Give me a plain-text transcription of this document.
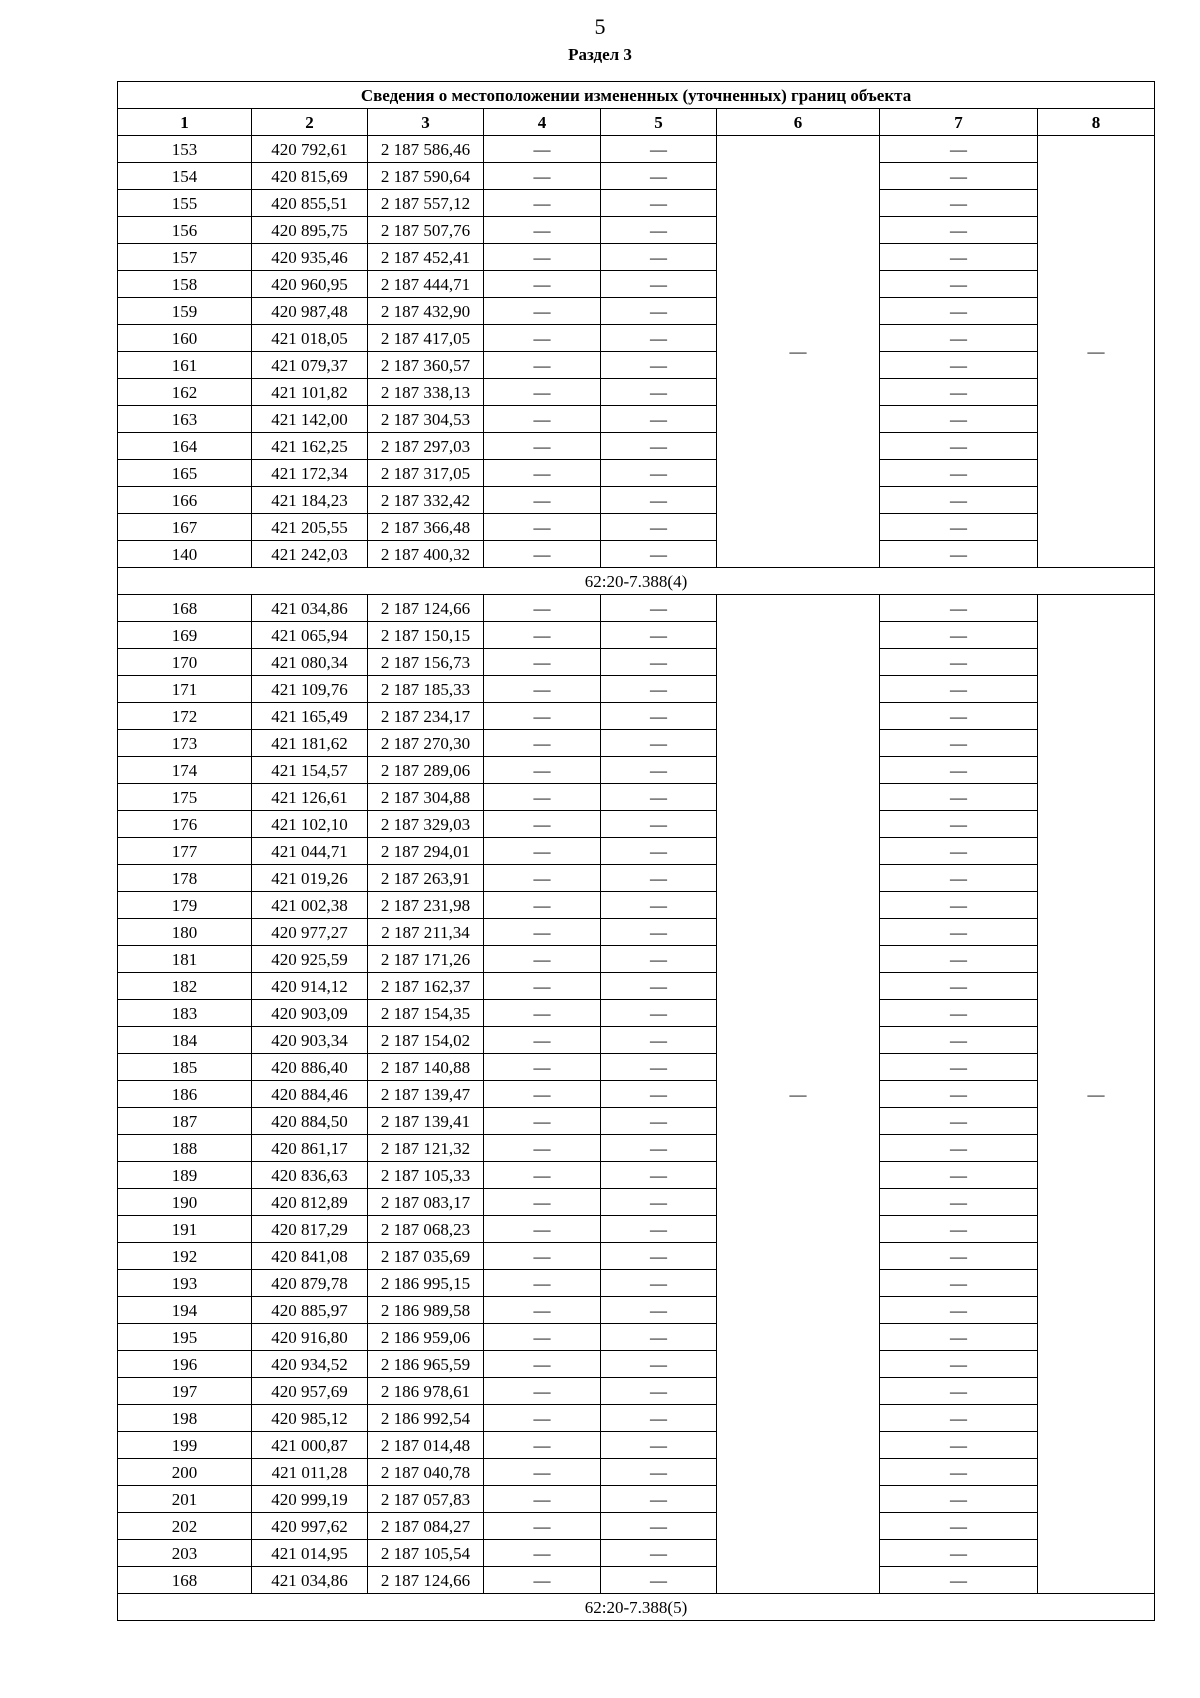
5
Раздел 3
Сведения о местоположении измененных (уточненных) границ объекта							
1	2	3	4	5	6	7	8
153	420 792,61	2 187 586,46	—	—	—	—	—
154	420 815,69	2 187 590,64	—	—		—	
155	420 855,51	2 187 557,12	—	—		—	
156	420 895,75	2 187 507,76	—	—		—	
157	420 935,46	2 187 452,41	—	—		—	
158	420 960,95	2 187 444,71	—	—		—	
159	420 987,48	2 187 432,90	—	—		—	
160	421 018,05	2 187 417,05	—	—		—	
161	421 079,37	2 187 360,57	—	—		—	
162	421 101,82	2 187 338,13	—	—		—	
163	421 142,00	2 187 304,53	—	—		—	
164	421 162,25	2 187 297,03	—	—		—	
165	421 172,34	2 187 317,05	—	—		—	
166	421 184,23	2 187 332,42	—	—		—	
167	421 205,55	2 187 366,48	—	—		—	
140	421 242,03	2 187 400,32	—	—		—	
62:20-7.388(4)							
168	421 034,86	2 187 124,66	—	—	—	—	—
169	421 065,94	2 187 150,15	—	—		—	
170	421 080,34	2 187 156,73	—	—		—	
171	421 109,76	2 187 185,33	—	—		—	
172	421 165,49	2 187 234,17	—	—		—	
173	421 181,62	2 187 270,30	—	—		—	
174	421 154,57	2 187 289,06	—	—		—	
175	421 126,61	2 187 304,88	—	—		—	
176	421 102,10	2 187 329,03	—	—		—	
177	421 044,71	2 187 294,01	—	—		—	
178	421 019,26	2 187 263,91	—	—		—	
179	421 002,38	2 187 231,98	—	—		—	
180	420 977,27	2 187 211,34	—	—		—	
181	420 925,59	2 187 171,26	—	—		—	
182	420 914,12	2 187 162,37	—	—		—	
183	420 903,09	2 187 154,35	—	—		—	
184	420 903,34	2 187 154,02	—	—		—	
185	420 886,40	2 187 140,88	—	—		—	
186	420 884,46	2 187 139,47	—	—		—	
187	420 884,50	2 187 139,41	—	—		—	
188	420 861,17	2 187 121,32	—	—		—	
189	420 836,63	2 187 105,33	—	—		—	
190	420 812,89	2 187 083,17	—	—		—	
191	420 817,29	2 187 068,23	—	—		—	
192	420 841,08	2 187 035,69	—	—		—	
193	420 879,78	2 186 995,15	—	—		—	
194	420 885,97	2 186 989,58	—	—		—	
195	420 916,80	2 186 959,06	—	—		—	
196	420 934,52	2 186 965,59	—	—		—	
197	420 957,69	2 186 978,61	—	—		—	
198	420 985,12	2 186 992,54	—	—		—	
199	421 000,87	2 187 014,48	—	—		—	
200	421 011,28	2 187 040,78	—	—		—	
201	420 999,19	2 187 057,83	—	—		—	
202	420 997,62	2 187 084,27	—	—		—	
203	421 014,95	2 187 105,54	—	—		—	
168	421 034,86	2 187 124,66	—	—		—	
62:20-7.388(5)							
